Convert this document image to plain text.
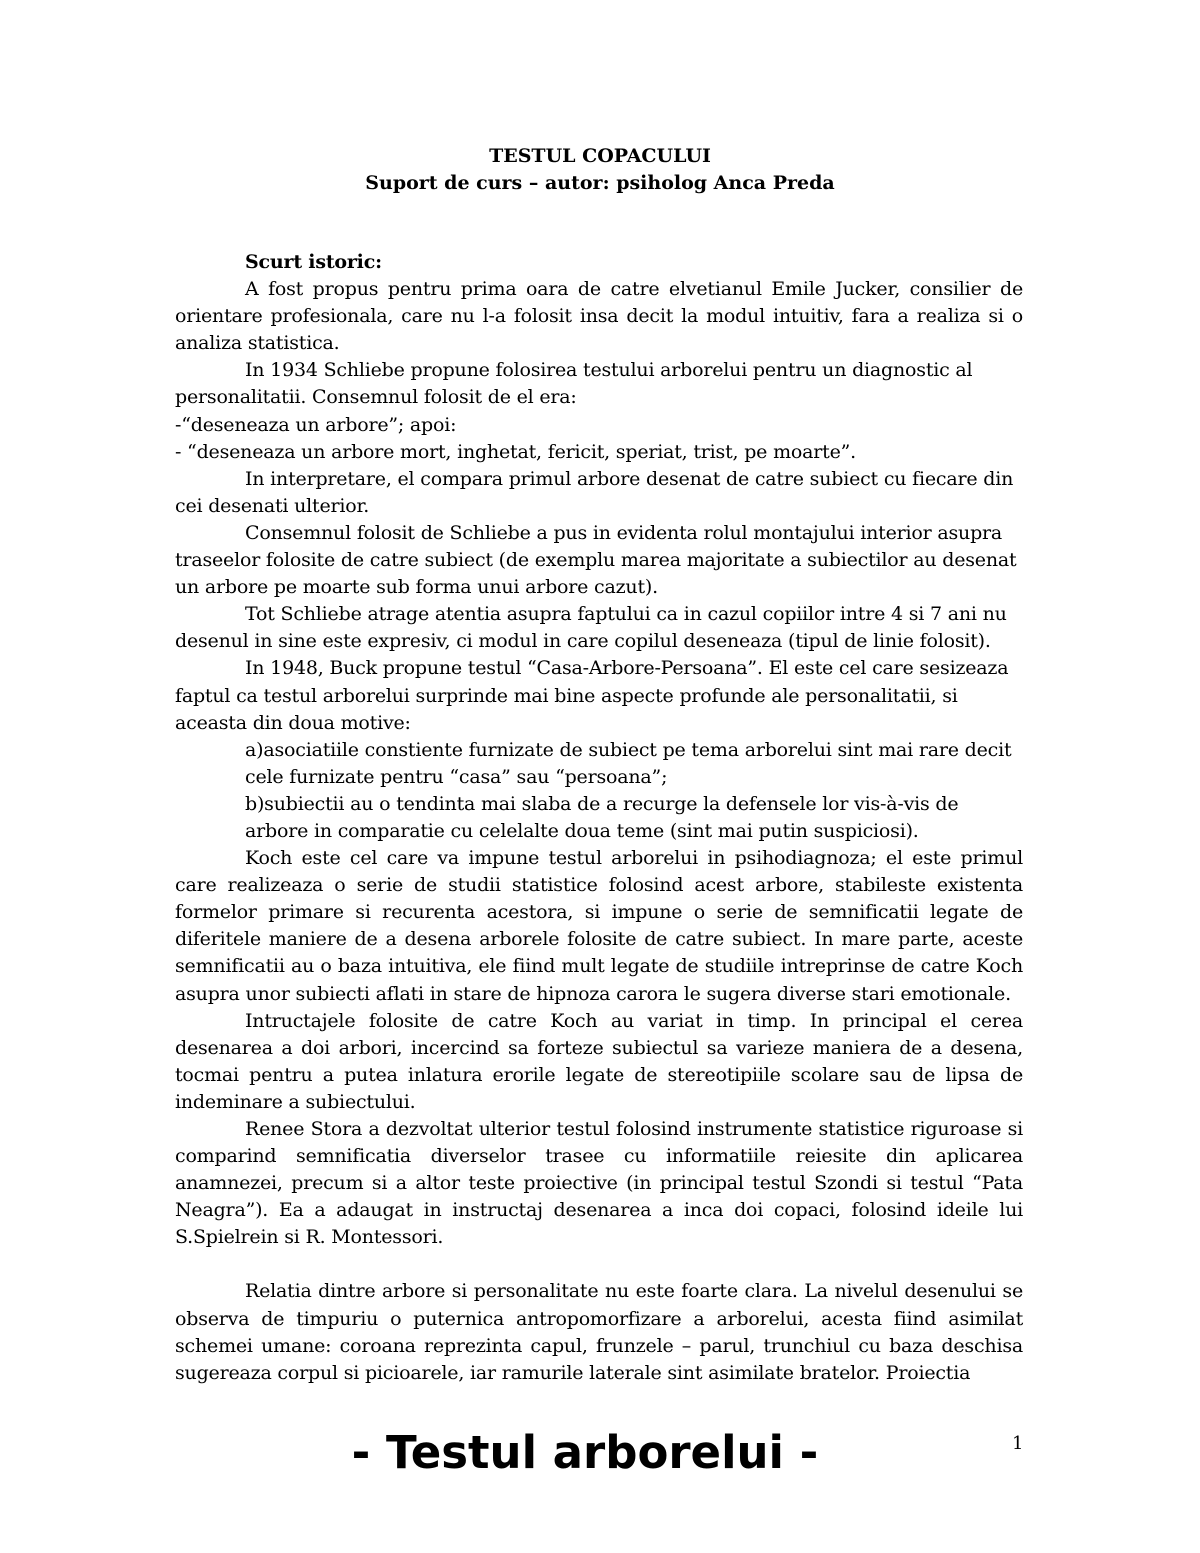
TESTUL COPACULUI
Suport de curs – autor: psiholog Anca Preda

Scurt istoric:

A fost propus pentru prima oara de catre elvetianul Emile Jucker, consilier de orientare profesionala, care nu l-a folosit insa decit la modul intuitiv, fara a realiza si o analiza statistica.

In 1934 Schliebe propune folosirea testului arborelui pentru un diagnostic al personalitatii. Consemnul folosit de el era:

-“deseneaza un arbore”; apoi:

- “deseneaza un arbore mort, inghetat, fericit, speriat, trist, pe moarte”.

In interpretare, el compara primul arbore desenat de catre subiect cu fiecare din cei desenati ulterior.

Consemnul folosit de Schliebe a pus in evidenta rolul montajului interior asupra traseelor folosite de catre subiect (de exemplu marea majoritate a subiectilor au desenat un arbore pe moarte sub forma unui arbore cazut).

Tot Schliebe atrage atentia asupra faptului ca in cazul copiilor intre 4 si 7 ani nu desenul in sine este expresiv, ci modul in care copilul deseneaza (tipul de linie folosit).

In 1948, Buck propune testul “Casa-Arbore-Persoana”. El este cel care sesizeaza faptul ca testul arborelui surprinde mai bine aspecte profunde ale personalitatii, si aceasta din doua motive:

a)asociatiile constiente furnizate de subiect pe tema arborelui sint mai rare decit cele furnizate pentru “casa” sau “persoana”;

b)subiectii au o tendinta mai slaba de a recurge la defensele lor vis-à-vis de arbore in comparatie cu celelalte doua teme (sint mai putin suspiciosi).

Koch este cel care va impune testul arborelui in psihodiagnoza; el este primul care realizeaza o serie de studii statistice folosind acest arbore, stabileste existenta formelor primare si recurenta acestora, si impune o serie de semnificatii legate de diferitele maniere de a desena arborele folosite de catre subiect. In mare parte, aceste semnificatii au o baza intuitiva, ele fiind mult legate de studiile intreprinse de catre Koch asupra unor subiecti aflati in stare de hipnoza carora le sugera diverse stari emotionale.

Intructajele folosite de catre Koch au variat in timp. In principal el cerea desenarea a doi arbori, incercind sa forteze subiectul sa varieze maniera de a desena, tocmai pentru a putea inlatura erorile legate de stereotipiile scolare sau de lipsa de indeminare a subiectului.

Renee Stora a dezvoltat ulterior testul folosind instrumente statistice riguroase si comparind semnificatia diverselor trasee cu informatiile reiesite din aplicarea anamnezei, precum si a altor teste proiective (in principal testul Szondi si testul “Pata Neagra”). Ea a adaugat in instructaj desenarea a inca doi copaci, folosind ideile lui S.Spielrein si R. Montessori.

Relatia dintre arbore si personalitate nu este foarte clara. La nivelul desenului se observa de timpuriu o puternica antropomorfizare a arborelui, acesta fiind asimilat schemei umane: coroana reprezinta capul, frunzele – parul, trunchiul cu baza deschisa sugereaza corpul si picioarele, iar ramurile laterale sint asimilate bratelor. Proiectia

1
- Testul arborelui -
